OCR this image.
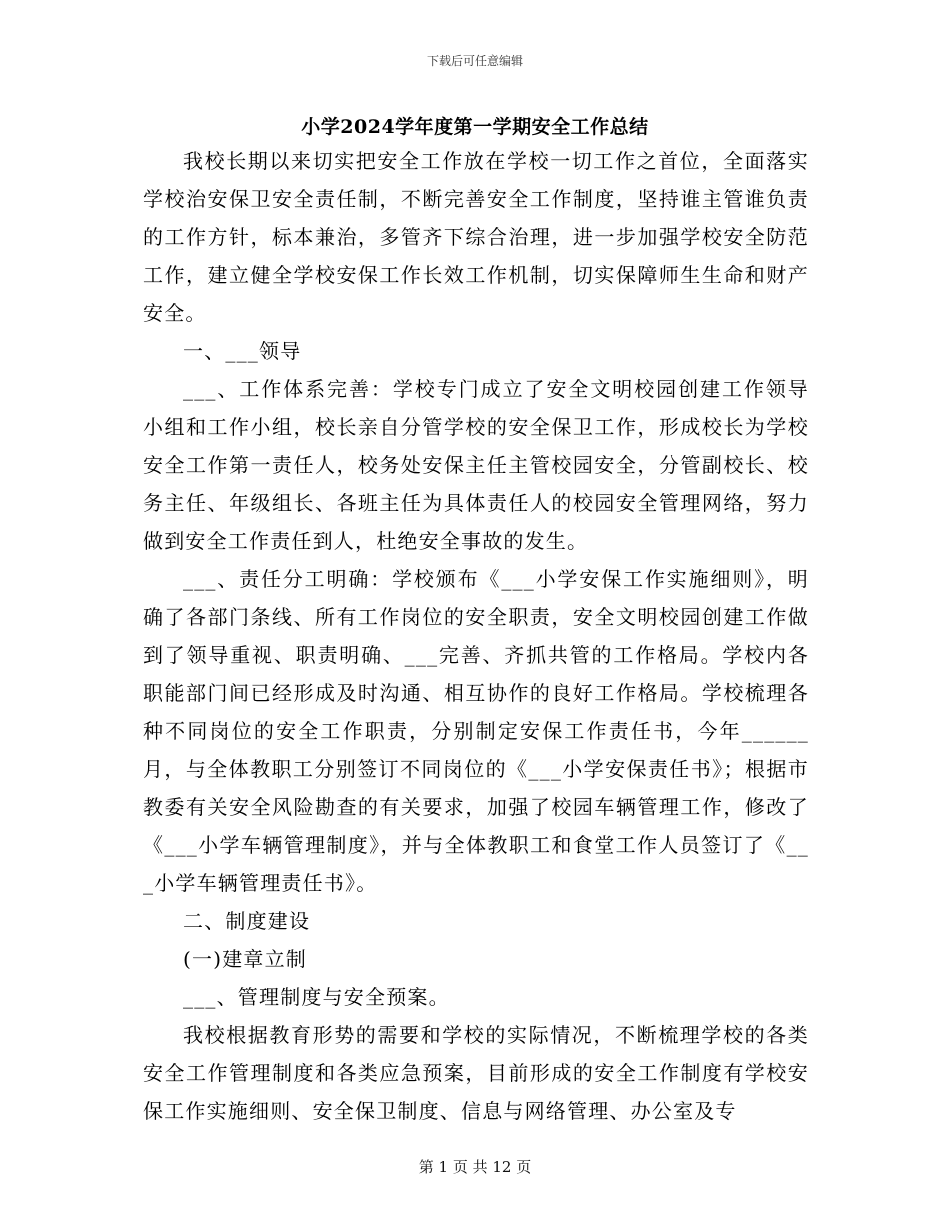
下载后可任意编辑
小学2024学年度第一学期安全工作总结

我校长期以来切实把安全工作放在学校一切工作之首位，全面落实学校治安保卫安全责任制，不断完善安全工作制度，坚持谁主管谁负责的工作方针，标本兼治，多管齐下综合治理，进一步加强学校安全防范工作，建立健全学校安保工作长效工作机制，切实保障师生生命和财产安全。

一、___领导

___、工作体系完善：学校专门成立了安全文明校园创建工作领导小组和工作小组，校长亲自分管学校的安全保卫工作，形成校长为学校安全工作第一责任人，校务处安保主任主管校园安全，分管副校长、校务主任、年级组长、各班主任为具体责任人的校园安全管理网络，努力做到安全工作责任到人，杜绝安全事故的发生。

___、责任分工明确：学校颁布《___小学安保工作实施细则》，明确了各部门条线、所有工作岗位的安全职责，安全文明校园创建工作做到了领导重视、职责明确、___完善、齐抓共管的工作格局。学校内各职能部门间已经形成及时沟通、相互协作的良好工作格局。学校梳理各种不同岗位的安全工作职责，分别制定安保工作责任书，今年______月，与全体教职工分别签订不同岗位的《___小学安保责任书》；根据市教委有关安全风险勘查的有关要求，加强了校园车辆管理工作，修改了《___小学车辆管理制度》，并与全体教职工和食堂工作人员签订了《___小学车辆管理责任书》。

二、制度建设

(一)建章立制

___、管理制度与安全预案。

我校根据教育形势的需要和学校的实际情况，不断梳理学校的各类安全工作管理制度和各类应急预案，目前形成的安全工作制度有学校安保工作实施细则、安全保卫制度、信息与网络管理、办公室及专

第 1 页 共 12 页
